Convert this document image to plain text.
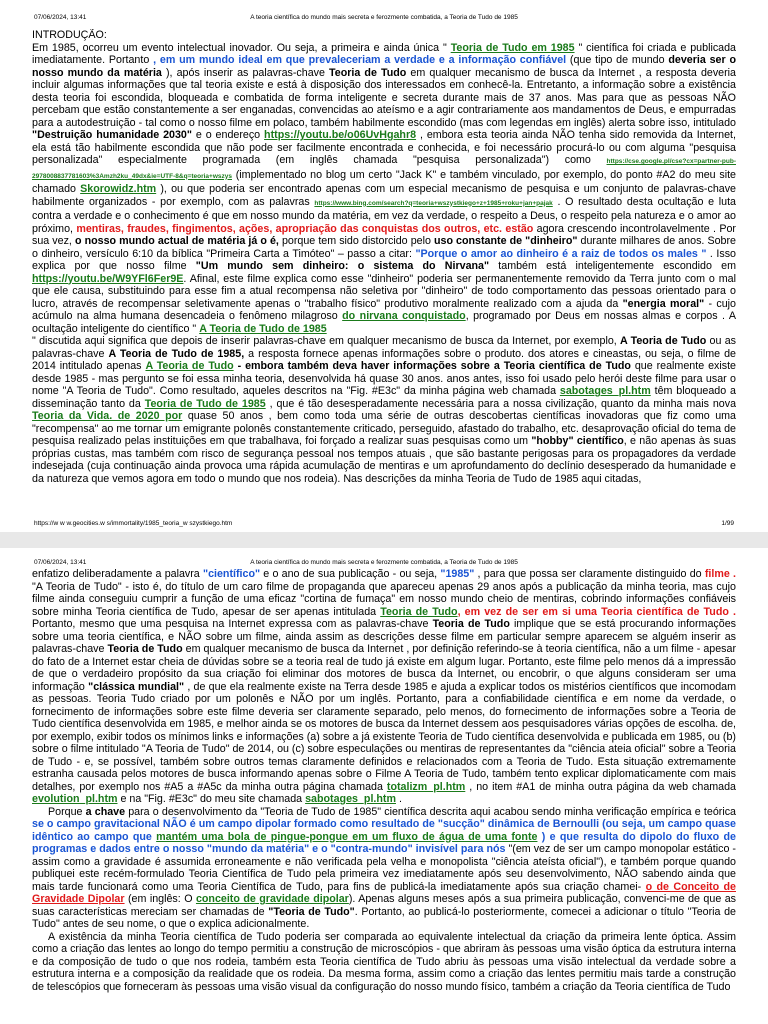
07/06/2024, 13:41	A teoria científica do mundo mais secreta e ferozmente combatida, a Teoria de Tudo de 1985

INTRODUÇÃO:

Em 1985, ocorreu um evento intelectual inovador. Ou seja, a primeira e ainda única " Teoria de Tudo em 1985 " científica foi criada e publicada imediatamente. Portanto , em um mundo ideal em que prevaleceriam a verdade e a informação confiável (que tipo de mundo deveria ser o nosso mundo da matéria ), após inserir as palavras-chave Teoria de Tudo em qualquer mecanismo de busca da Internet , a resposta deveria incluir algumas informações que tal teoria existe e está à disposição dos interessados em conhecê-la. Entretanto, a informação sobre a existência desta teoria foi escondida, bloqueada e combatida de forma inteligente e secreta durante mais de 37 anos. Mas para que as pessoas NÃO percebam que estão constantemente a ser enganadas, convencidas ao ateísmo e a agir contrariamente aos mandamentos de Deus, e empurradas para a autodestruição - tal como o nosso filme em polaco, também habilmente escondido (mas com legendas em inglês) alerta sobre isso, intitulado "Destruição humanidade 2030" e o endereço https://youtu.be/o06UvHgahr8 , embora esta teoria ainda NÃO tenha sido removida da Internet, ela está tão habilmente escondida que não pode ser facilmente encontrada e conhecida, e foi necessário procurá-lo ou com alguma "pesquisa personalizada" especialmente programada (em inglês chamada "pesquisa personalizada") como https://cse.google.pl/cse?cx=partner-pub-2978008837781603%3Amzh2ku_49dx&ie=UTF-8&q=teoria+wszys (implementado no blog um certo "Jack K" e também vinculado, por exemplo, do ponto #A2 do meu site chamado Skorowidz.htm ), ou que poderia ser encontrado apenas com um especial mecanismo de pesquisa e um conjunto de palavras-chave habilmente organizados - por exemplo, com as palavras https://www.bing.com/search?q=teoria+wszystkiego+z+1985+roku+jan+pajak . O resultado desta ocultação e luta contra a verdade e o conhecimento é que em nosso mundo da matéria, em vez da verdade, o respeito a Deus, o respeito pela natureza e o amor ao próximo, mentiras, fraudes, fingimentos, ações, apropriação das conquistas dos outros, etc. estão agora crescendo incontrolavelmente . Por sua vez, o nosso mundo actual de matéria já o é, porque tem sido distorcido pelo uso constante de "dinheiro" durante milhares de anos. Sobre o dinheiro, versículo 6:10 da bíblica "Primeira Carta a Timóteo" – passo a citar: "Porque o amor ao dinheiro é a raiz de todos os males " . Isso explica por que nosso filme "Um mundo sem dinheiro: o sistema do Nirvana" também está inteligentemente escondido em https://youtu.be/W9YFl6Fer9E. Afinal, este filme explica como esse "dinheiro" poderia ser permanentemente removido da Terra junto com o mal que ele causa, substituindo para esse fim a atual recompensa não seletiva por "dinheiro" de todo comportamento das pessoas orientado para o lucro, através de recompensar seletivamente apenas o "trabalho físico" produtivo moralmente realizado com a ajuda da "energia moral" - cujo acúmulo na alma humana desencadeia o fenômeno milagroso do nirvana conquistado, programado por Deus em nossas almas e corpos . A ocultação inteligente do científico " A Teoria de Tudo de 1985

" discutida aqui significa que depois de inserir palavras-chave em qualquer mecanismo de busca da Internet, por exemplo, A Teoria de Tudo ou as palavras-chave A Teoria de Tudo de 1985, a resposta fornece apenas informações sobre o produto. dos atores e cineastas, ou seja, o filme de 2014 intitulado apenas A Teoria de Tudo - embora também deva haver informações sobre a Teoria científica de Tudo que realmente existe desde 1985 - mas pergunto se foi essa minha teoria, desenvolvida há quase 30 anos. anos antes, isso foi usado pelo herói deste filme para usar o nome "A Teoria de Tudo". Como resultado, aqueles descritos na "Fig. #E3c" da minha página web chamada sabotages_pl.htm têm bloqueado a disseminação tanto da Teoria de Tudo de 1985 , que é tão desesperadamente necessária para a nossa civilização, quanto da minha mais nova Teoria da Vida. de 2020 por quase 50 anos , bem como toda uma série de outras descobertas científicas inovadoras que fiz como uma "recompensa" ao me tornar um emigrante polonês constantemente criticado, perseguido, afastado do trabalho, etc. desaprovação oficial do tema de pesquisa realizado pelas instituições em que trabalhava, foi forçado a realizar suas pesquisas como um "hobby" científico, e não apenas às suas próprias custas, mas também com risco de segurança pessoal nos tempos atuais , que são bastante perigosas para os propagadores da verdade indesejada (cuja continuação ainda provoca uma rápida acumulação de mentiras e um aprofundamento do declínio desesperado da humanidade e da natureza que vemos agora em todo o mundo que nos rodeia). Nas descrições da minha Teoria de Tudo de 1985 aqui citadas,

https://w w w.geocities.w s/immortality/1985_teoria_w szystkiego.htm	1/99
07/06/2024, 13:41	A teoria científica do mundo mais secreta e ferozmente combatida, a Teoria de Tudo de 1985

enfatizo deliberadamente a palavra "científico" e o ano de sua publicação - ou seja, "1985" , para que possa ser claramente distinguido do filme . "A Teoria de Tudo" - isto é, do título de um caro filme de propaganda que apareceu apenas 29 anos após a publicação da minha teoria, mas cujo filme ainda conseguiu cumprir a função de uma eficaz "cortina de fumaça" em nosso mundo cheio de mentiras, cobrindo informações confiáveis sobre minha Teoria científica de Tudo, apesar de ser apenas intitulada Teoria de Tudo, em vez de ser em si uma Teoria científica de Tudo . Portanto, mesmo que uma pesquisa na Internet expressa com as palavras-chave Teoria de Tudo implique que se está procurando informações sobre uma teoria científica, e NÃO sobre um filme, ainda assim as descrições desse filme em particular sempre aparecem se alguém inserir as palavras-chave Teoria de Tudo em qualquer mecanismo de busca da Internet , por definição referindo-se à teoria científica, não a um filme - apesar do fato de a Internet estar cheia de dúvidas sobre se a teoria real de tudo já existe em algum lugar. Portanto, este filme pelo menos dá a impressão de que o verdadeiro propósito da sua criação foi eliminar dos motores de busca da Internet, ou encobrir, o que alguns consideram ser uma informação "clássica mundial" , de que ela realmente existe na Terra desde 1985 e ajuda a explicar todos os mistérios científicos que incomodam as pessoas. Teoria Tudo criado por um polonês e NÃO por um inglês. Portanto, para a confiabilidade científica e em nome da verdade, o fornecimento de informações sobre este filme deveria ser claramente separado, pelo menos, do fornecimento de informações sobre a Teoria de Tudo científica desenvolvida em 1985, e melhor ainda se os motores de busca da Internet dessem aos pesquisadores várias opções de escolha. de, por exemplo, exibir todos os mínimos links e informações (a) sobre a já existente Teoria de Tudo científica desenvolvida e publicada em 1985, ou (b) sobre o filme intitulado "A Teoria de Tudo" de 2014, ou (c) sobre especulações ou mentiras de representantes da "ciência ateia oficial" sobre a Teoria de Tudo - e, se possível, também sobre outros temas claramente definidos e relacionados com a Teoria de Tudo. Esta situação extremamente estranha causada pelos motores de busca informando apenas sobre o Filme A Teoria de Tudo, também tento explicar diplomaticamente com mais detalhes, por exemplo nos #A5 a #A5c da minha outra página chamada totalizm_pl.htm , no item #A1 de minha outra página da web chamada evolution_pl.htm e na "Fig. #E3c" do meu site chamada sabotages_pl.htm .

Porque a chave para o desenvolvimento da "Teoria de Tudo de 1985" científica descrita aqui acabou sendo minha verificação empírica e teórica se o campo gravitacional NÃO é um campo dipolar formado como resultado de "sucção" dinâmica de Bernoulli (ou seja, um campo quase idêntico ao campo que mantém uma bola de pingue-pongue em um fluxo de água de uma fonte ) e que resulta do dipolo do fluxo de programas e dados entre o nosso "mundo da matéria" e o "contra-mundo" invisível para nós "(em vez de ser um campo monopolar estático - assim como a gravidade é assumida erroneamente e não verificada pela velha e monopolista "ciência ateísta oficial"), e também porque quando publiquei este recém-formulado Teoria Científica de Tudo pela primeira vez imediatamente após seu desenvolvimento, NÃO sabendo ainda que mais tarde funcionará como uma Teoria Científica de Tudo, para fins de publicá-la imediatamente após sua criação chamei- o de Conceito de Gravidade Dipolar (em inglês: O conceito de gravidade dipolar). Apenas alguns meses após a sua primeira publicação, convenci-me de que as suas características mereciam ser chamadas de "Teoria de Tudo". Portanto, ao publicá-lo posteriormente, comecei a adicionar o título "Teoria de Tudo" antes de seu nome, o que o explica adicionalmente.

A existência da minha Teoria científica de Tudo poderia ser comparada ao equivalente intelectual da criação da primeira lente óptica. Assim como a criação das lentes ao longo do tempo permitiu a construção de microscópios - que abriram às pessoas uma visão óptica da estrutura interna e da composição de tudo o que nos rodeia, também esta Teoria científica de Tudo abriu às pessoas uma visão intelectual da verdade sobre a estrutura interna e a composição da realidade que os rodeia. Da mesma forma, assim como a criação das lentes permitiu mais tarde a construção de telescópios que forneceram às pessoas uma visão visual da configuração do nosso mundo físico, também a criação da Teoria científica de Tudo
